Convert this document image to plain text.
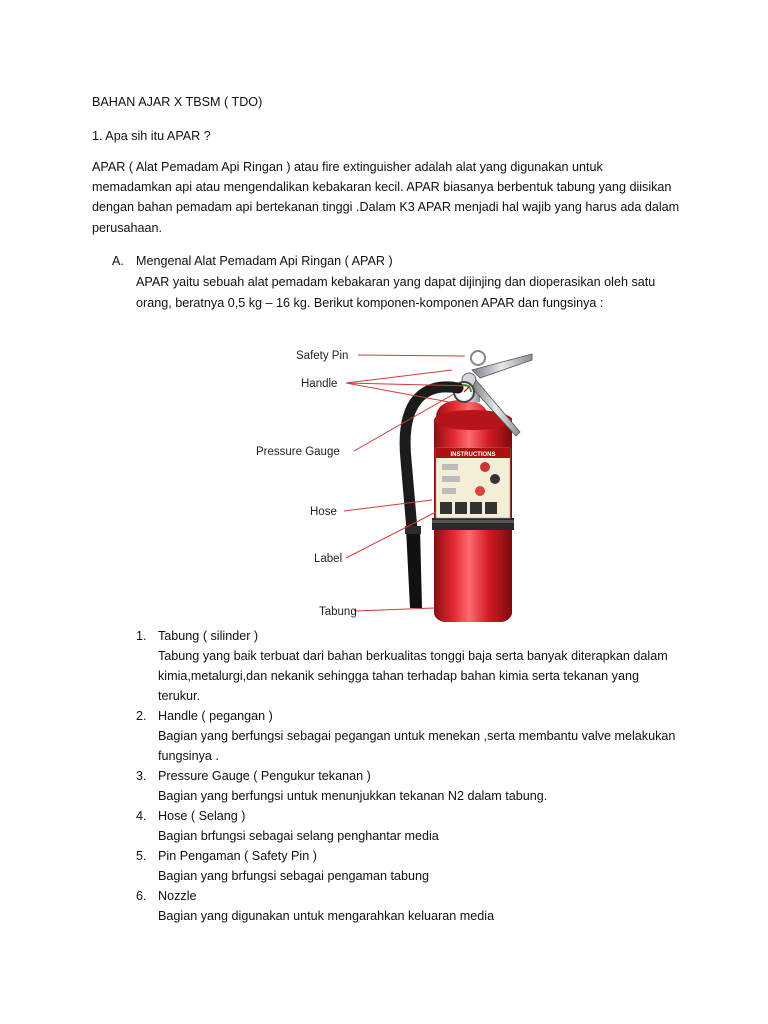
BAHAN AJAR X TBSM ( TDO)
1. Apa sih itu APAR ?
APAR ( Alat Pemadam Api Ringan ) atau fire extinguisher adalah alat yang digunakan untuk
memadamkan api atau mengendalikan kebakaran kecil. APAR biasanya berbentuk tabung yang diisikan
dengan bahan pemadam api bertekanan tinggi .Dalam K3 APAR menjadi hal wajib yang harus ada dalam
perusahaan.
A. Mengenal Alat Pemadam Api Ringan ( APAR )
APAR yaitu sebuah alat pemadam kebakaran yang dapat dijinjing dan dioperasikan oleh satu
orang, beratnya 0,5 kg – 16 kg. Berikut komponen-komponen APAR dan fungsinya :
INSTRUCTIONS
Safety Pin
Handle
Pressure Gauge
Hose
Label
Tabung
1. Tabung ( silinder )
Tabung yang baik terbuat dari bahan berkualitas tonggi baja serta banyak diterapkan dalam
kimia,metalurgi,dan nekanik sehingga tahan terhadap bahan kimia serta tekanan yang
terukur.
2. Handle ( pegangan )
Bagian yang berfungsi sebagai pegangan untuk menekan ,serta membantu valve melakukan
fungsinya .
3. Pressure Gauge ( Pengukur tekanan )
Bagian yang berfungsi untuk menunjukkan tekanan N2 dalam tabung.
4. Hose ( Selang )
Bagian brfungsi sebagai selang penghantar media
5. Pin Pengaman ( Safety Pin )
Bagian yang brfungsi sebagai pengaman tabung
6. Nozzle
Bagian yang digunakan untuk mengarahkan keluaran media
